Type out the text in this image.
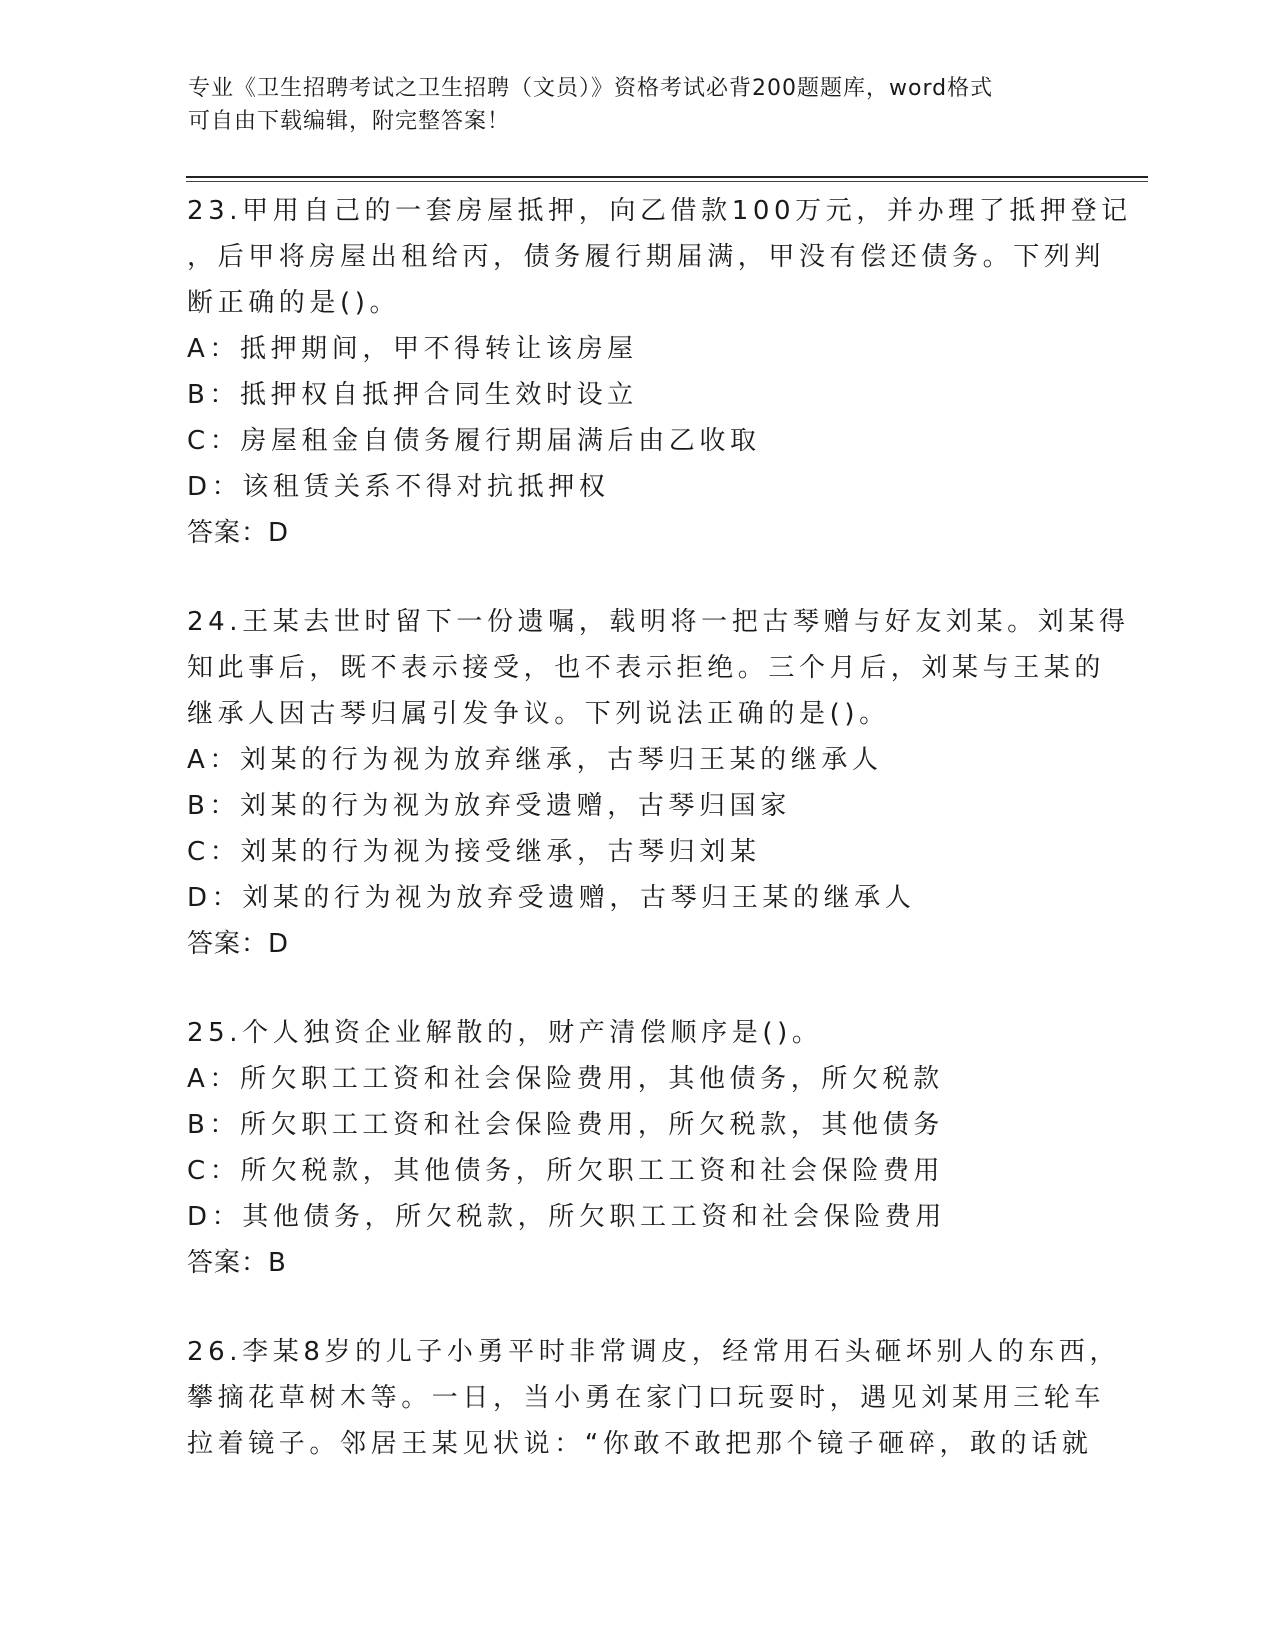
专业《卫生招聘考试之卫生招聘（文员）》资格考试必背200题题库，word格式
可自由下载编辑，附完整答案！

23.甲用自己的一套房屋抵押，向乙借款100万元，并办理了抵押登记

，后甲将房屋出租给丙，债务履行期届满，甲没有偿还债务。下列判

断正确的是()。

A：抵押期间，甲不得转让该房屋

B：抵押权自抵押合同生效时设立

C：房屋租金自债务履行期届满后由乙收取

D：该租赁关系不得对抗抵押权

答案：D

24.王某去世时留下一份遗嘱，载明将一把古琴赠与好友刘某。刘某得

知此事后，既不表示接受，也不表示拒绝。三个月后，刘某与王某的

继承人因古琴归属引发争议。下列说法正确的是()。

A：刘某的行为视为放弃继承，古琴归王某的继承人

B：刘某的行为视为放弃受遗赠，古琴归国家

C：刘某的行为视为接受继承，古琴归刘某

D：刘某的行为视为放弃受遗赠，古琴归王某的继承人

答案：D

25.个人独资企业解散的，财产清偿顺序是()。

A：所欠职工工资和社会保险费用，其他债务，所欠税款

B：所欠职工工资和社会保险费用，所欠税款，其他债务

C：所欠税款，其他债务，所欠职工工资和社会保险费用

D：其他债务，所欠税款，所欠职工工资和社会保险费用

答案：B

26.李某8岁的儿子小勇平时非常调皮，经常用石头砸坏别人的东西，

攀摘花草树木等。一日，当小勇在家门口玩耍时，遇见刘某用三轮车

拉着镜子。邻居王某见状说：“你敢不敢把那个镜子砸碎，敢的话就
